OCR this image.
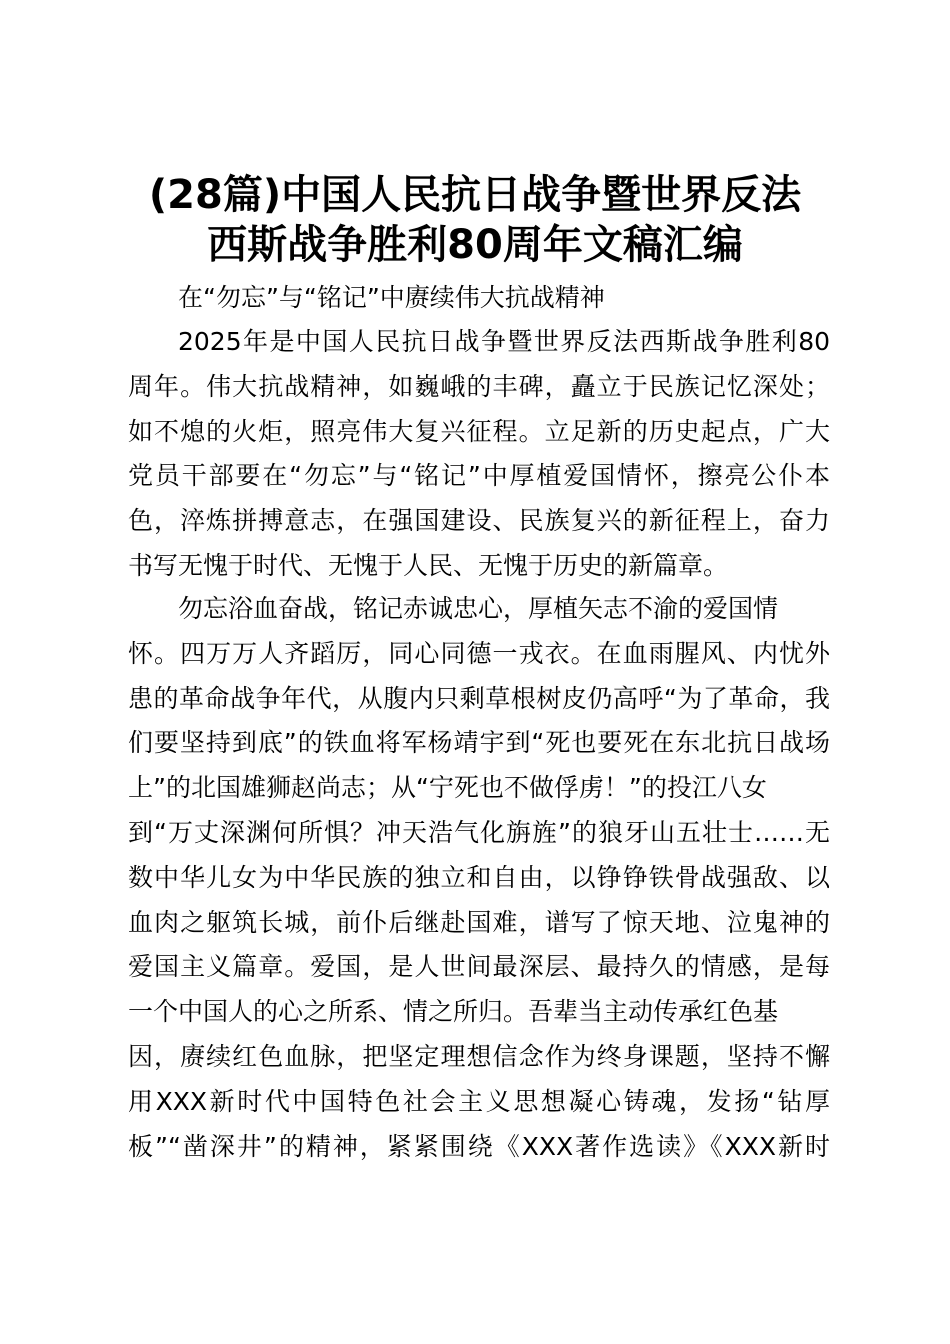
(28篇)中国人民抗日战争暨世界反法
西斯战争胜利80周年文稿汇编
在“勿忘”与“铭记”中赓续伟大抗战精神
2025年是中国人民抗日战争暨世界反法西斯战争胜利80
周年。伟大抗战精神，如巍峨的丰碑，矗立于民族记忆深处；
如不熄的火炬，照亮伟大复兴征程。立足新的历史起点，广大
党员干部要在“勿忘”与“铭记”中厚植爱国情怀，擦亮公仆本
色，淬炼拼搏意志，在强国建设、民族复兴的新征程上，奋力
书写无愧于时代、无愧于人民、无愧于历史的新篇章。
勿忘浴血奋战，铭记赤诚忠心，厚植矢志不渝的爱国情
怀。四万万人齐蹈厉，同心同德一戎衣。在血雨腥风、内忧外
患的革命战争年代，从腹内只剩草根树皮仍高呼“为了革命，我
们要坚持到底”的铁血将军杨靖宇到“死也要死在东北抗日战场
上”的北国雄狮赵尚志；从“宁死也不做俘虏！”的投江八女
到“万丈深渊何所惧？冲天浩气化旃旌”的狼牙山五壮士……无
数中华儿女为中华民族的独立和自由，以铮铮铁骨战强敌、以
血肉之躯筑长城，前仆后继赴国难，谱写了惊天地、泣鬼神的
爱国主义篇章。爱国，是人世间最深层、最持久的情感，是每
一个中国人的心之所系、情之所归。吾辈当主动传承红色基
因，赓续红色血脉，把坚定理想信念作为终身课题，坚持不懈
用XXX新时代中国特色社会主义思想凝心铸魂，发扬“钻厚
板”“凿深井”的精神，紧紧围绕《XXX著作选读》《XXX新时
